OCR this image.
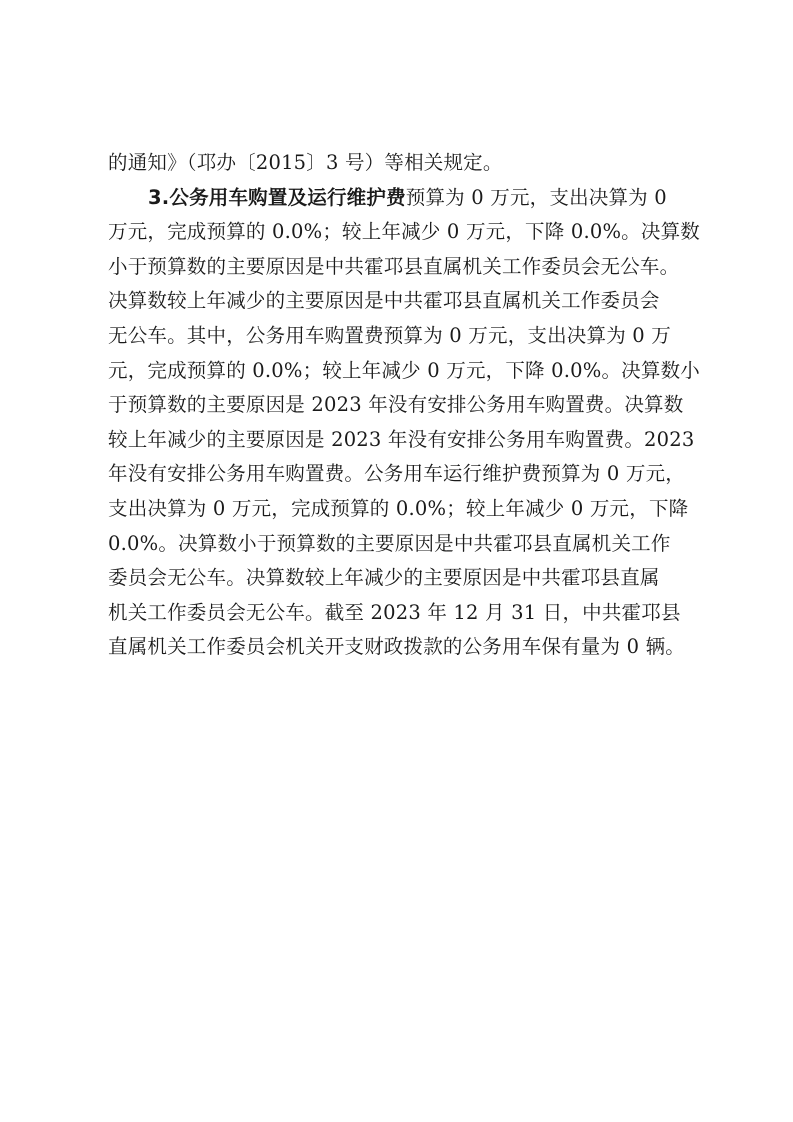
的通知》（邛办〔2015〕3 号）等相关规定。
3.公务用车购置及运行维护费预算为 0 万元，支出决算为 0
万元，完成预算的 0.0%；较上年减少 0 万元，下降 0.0%。决算数
小于预算数的主要原因是中共霍邛县直属机关工作委员会无公车。
决算数较上年减少的主要原因是中共霍邛县直属机关工作委员会
无公车。其中，公务用车购置费预算为 0 万元，支出决算为 0 万
元，完成预算的 0.0%；较上年减少 0 万元，下降 0.0%。决算数小
于预算数的主要原因是 2023 年没有安排公务用车购置费。决算数
较上年减少的主要原因是 2023 年没有安排公务用车购置费。2023
年没有安排公务用车购置费。公务用车运行维护费预算为 0 万元，
支出决算为 0 万元，完成预算的 0.0%；较上年减少 0 万元，下降
0.0%。决算数小于预算数的主要原因是中共霍邛县直属机关工作
委员会无公车。决算数较上年减少的主要原因是中共霍邛县直属
机关工作委员会无公车。截至 2023 年 12 月 31 日，中共霍邛县
直属机关工作委员会机关开支财政拨款的公务用车保有量为 0 辆。
